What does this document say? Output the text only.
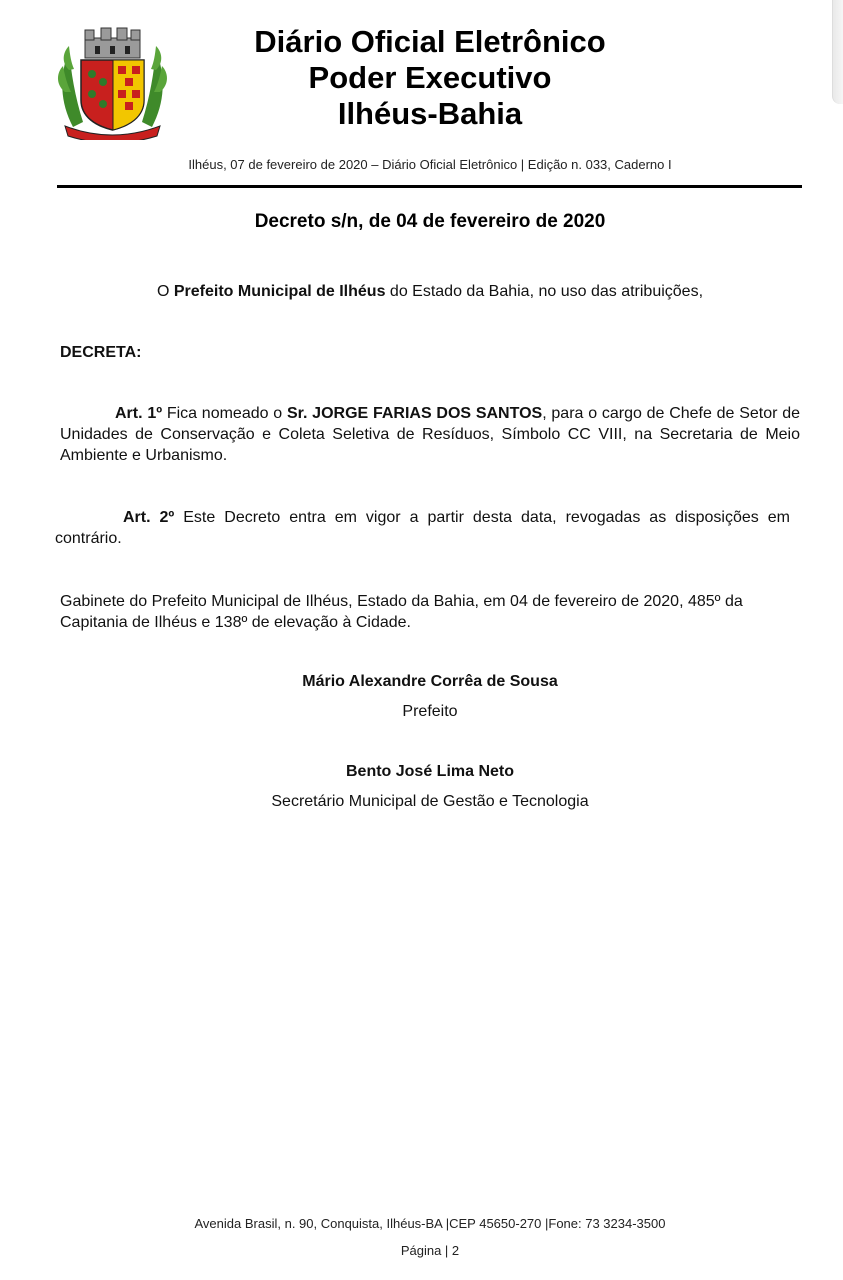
Diário Oficial Eletrônico
Poder Executivo
Ilhéus-Bahia
Ilhéus, 07 de fevereiro de 2020 – Diário Oficial Eletrônico | Edição n. 033, Caderno I
Decreto s/n, de 04 de fevereiro de 2020
O Prefeito Municipal de Ilhéus do Estado da Bahia, no uso das atribuições,
DECRETA:
Art. 1º Fica nomeado o Sr. JORGE FARIAS DOS SANTOS, para o cargo de Chefe de Setor de Unidades de Conservação e Coleta Seletiva de Resíduos, Símbolo CC VIII, na Secretaria de Meio Ambiente e Urbanismo.
Art. 2º Este Decreto entra em vigor a partir desta data, revogadas as disposições em contrário.
Gabinete do Prefeito Municipal de Ilhéus, Estado da Bahia, em 04 de fevereiro de 2020, 485º da Capitania de Ilhéus e 138º de elevação à Cidade.
Mário Alexandre Corrêa de Sousa
Prefeito
Bento José Lima Neto
Secretário Municipal de Gestão e Tecnologia
Avenida Brasil, n. 90, Conquista, Ilhéus-BA |CEP 45650-270 |Fone: 73 3234-3500
Página | 2
